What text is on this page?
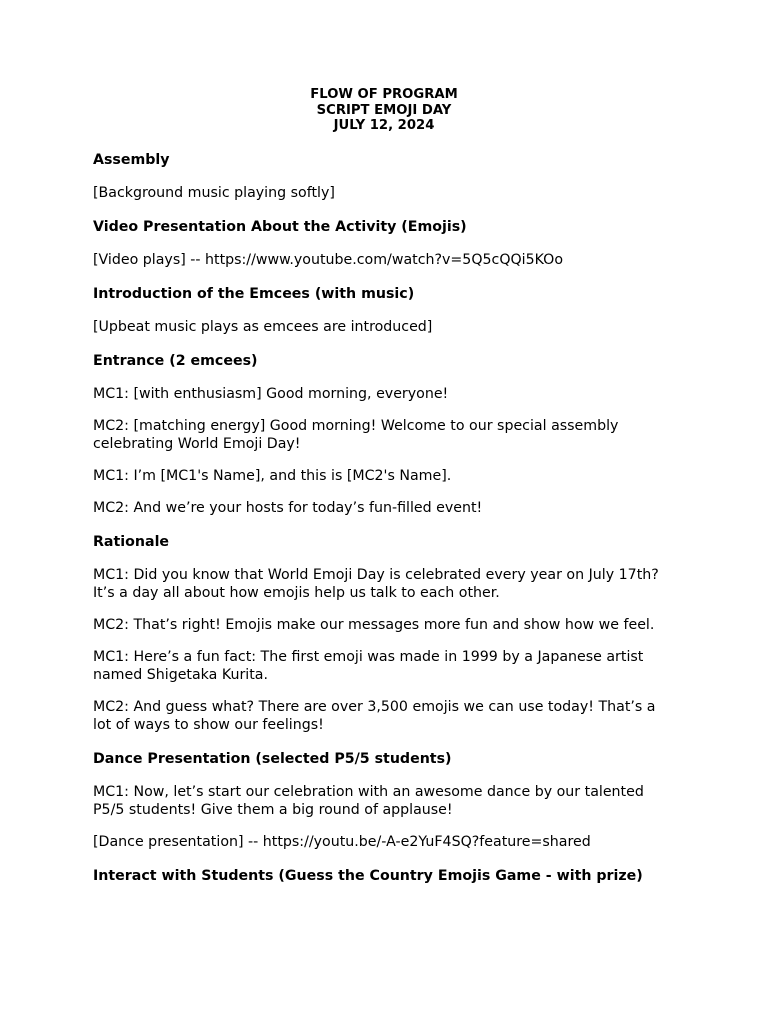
FLOW OF PROGRAM
SCRIPT EMOJI DAY
JULY 12, 2024

Assembly

[Background music playing softly]

Video Presentation About the Activity (Emojis)

[Video plays] -- https://www.youtube.com/watch?v=5Q5cQQi5KOo

Introduction of the Emcees (with music)

[Upbeat music plays as emcees are introduced]

Entrance (2 emcees)

MC1: [with enthusiasm] Good morning, everyone!

MC2: [matching energy] Good morning! Welcome to our special assembly
celebrating World Emoji Day!

MC1: I’m [MC1's Name], and this is [MC2's Name].

MC2: And we’re your hosts for today’s fun-filled event!

Rationale

MC1: Did you know that World Emoji Day is celebrated every year on July 17th?
It’s a day all about how emojis help us talk to each other.

MC2: That’s right! Emojis make our messages more fun and show how we feel.

MC1: Here’s a fun fact: The first emoji was made in 1999 by a Japanese artist
named Shigetaka Kurita.

MC2: And guess what? There are over 3,500 emojis we can use today! That’s a
lot of ways to show our feelings!

Dance Presentation (selected P5/5 students)

MC1: Now, let’s start our celebration with an awesome dance by our talented
P5/5 students! Give them a big round of applause!

[Dance presentation] -- https://youtu.be/-A-e2YuF4SQ?feature=shared

Interact with Students (Guess the Country Emojis Game - with prize)
